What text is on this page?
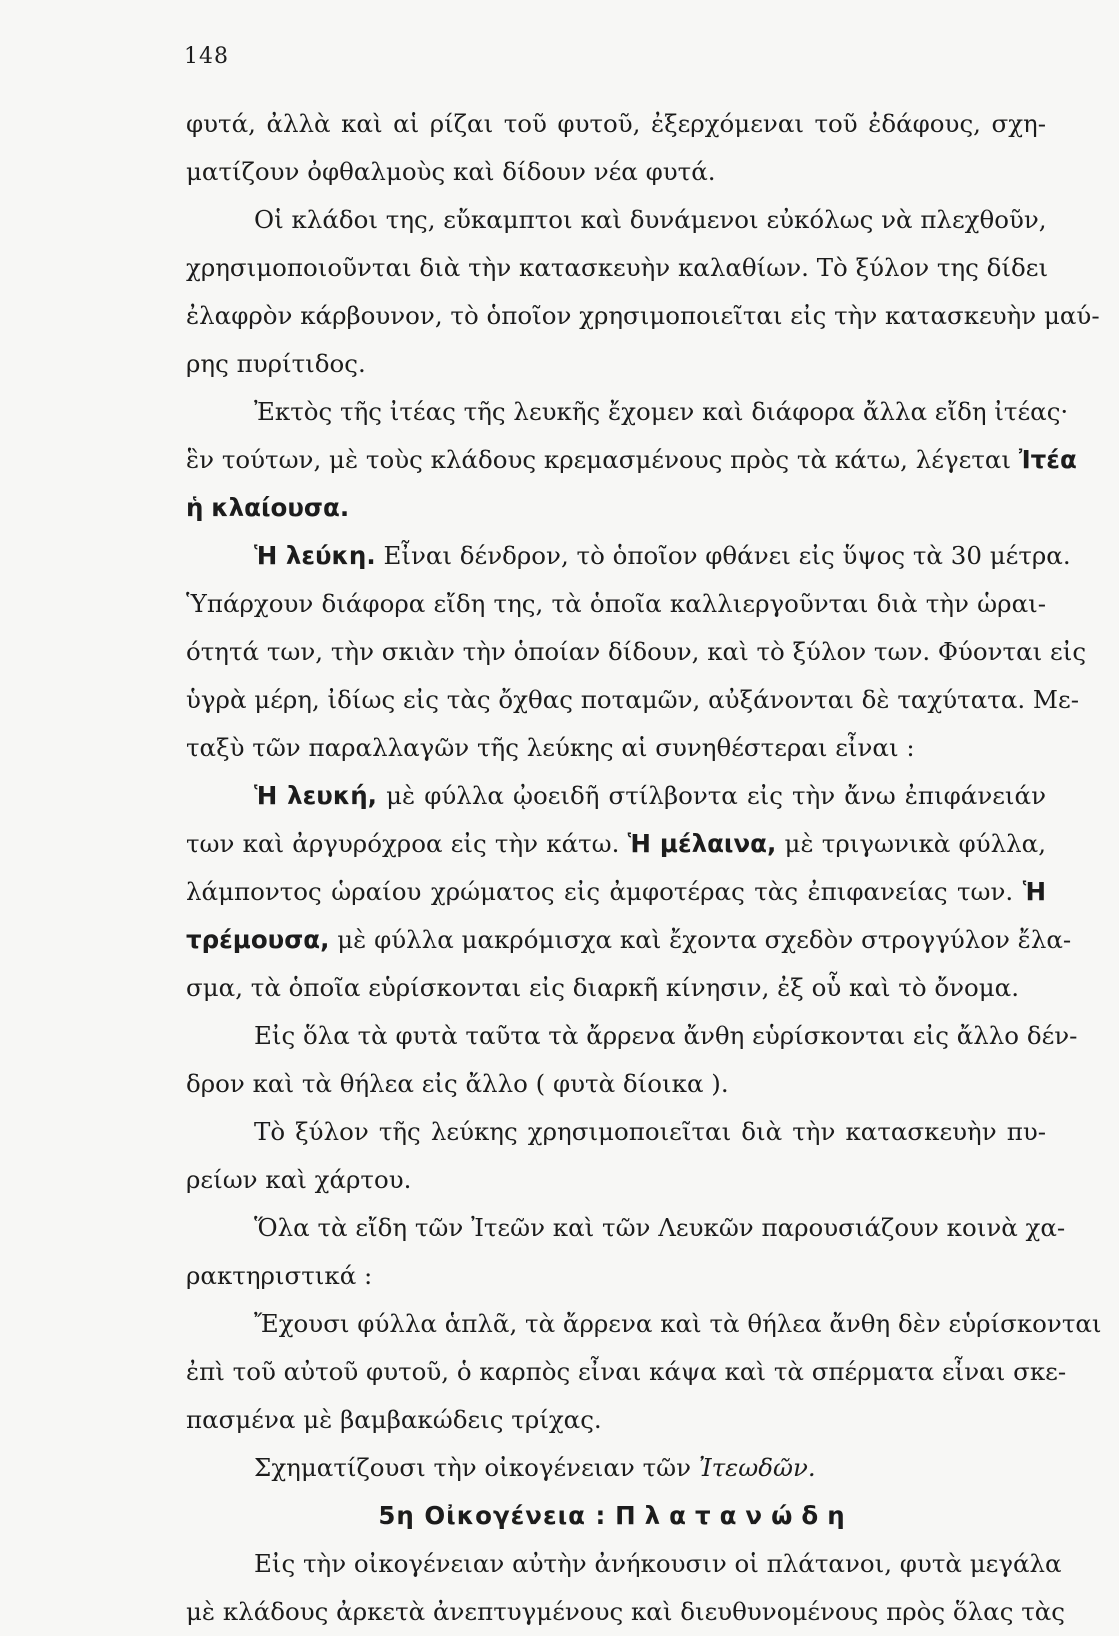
148
φυτά, ἀλλὰ καὶ αἱ ρίζαι τοῦ φυτοῦ, ἐξερχόμεναι τοῦ ἐδάφους, σχη-
ματίζουν ὀφθαλμοὺς καὶ δίδουν νέα φυτά.
Οἱ κλάδοι της, εὔκαμπτοι καὶ δυνάμενοι εὐκόλως νὰ πλεχθοῦν,
χρησιμοποιοῦνται διὰ τὴν κατασκευὴν καλαθίων. Τὸ ξύλον της δίδει
ἐλαφρὸν κάρβουνον, τὸ ὁποῖον χρησιμοποιεῖται εἰς τὴν κατασκευὴν μαύ-
ρης πυρίτιδος.
Ἐκτὸς τῆς ἰτέας τῆς λευκῆς ἔχομεν καὶ διάφορα ἄλλα εἴδη ἰτέας·
ἓν τούτων, μὲ τοὺς κλάδους κρεμασμένους πρὸς τὰ κάτω, λέγεται Ἰτέα
ἡ κλαίουσα.
Ἡ λεύκη. Εἶναι δένδρον, τὸ ὁποῖον φθάνει εἰς ὕψος τὰ 30 μέτρα.
Ὑπάρχουν διάφορα εἴδη της, τὰ ὁποῖα καλλιεργοῦνται διὰ τὴν ὡραι-
ότητά των, τὴν σκιὰν τὴν ὁποίαν δίδουν, καὶ τὸ ξύλον των. Φύονται εἰς
ὑγρὰ μέρη, ἰδίως εἰς τὰς ὄχθας ποταμῶν, αὐξάνονται δὲ ταχύτατα. Με-
ταξὺ τῶν παραλλαγῶν τῆς λεύκης αἱ συνηθέστεραι εἶναι :
Ἡ λευκή, μὲ φύλλα ᾠοειδῆ στίλβοντα εἰς τὴν ἄνω ἐπιφάνειάν
των καὶ ἀργυρόχροα εἰς τὴν κάτω. Ἡ μέλαινα, μὲ τριγωνικὰ φύλλα,
λάμποντος ὡραίου χρώματος εἰς ἀμφοτέρας τὰς ἐπιφανείας των. Ἡ
τρέμουσα, μὲ φύλλα μακρόμισχα καὶ ἔχοντα σχεδὸν στρογγύλον ἔλα-
σμα, τὰ ὁποῖα εὑρίσκονται εἰς διαρκῆ κίνησιν, ἐξ οὗ καὶ τὸ ὄνομα.
Εἰς ὅλα τὰ φυτὰ ταῦτα τὰ ἄρρενα ἄνθη εὑρίσκονται εἰς ἄλλο δέν-
δρον καὶ τὰ θήλεα εἰς ἄλλο ( φυτὰ δίοικα ).
Τὸ ξύλον τῆς λεύκης χρησιμοποιεῖται διὰ τὴν κατασκευὴν πυ-
ρείων καὶ χάρτου.
Ὅλα τὰ εἴδη τῶν Ἰτεῶν καὶ τῶν Λευκῶν παρουσιάζουν κοινὰ χα-
ρακτηριστικά :
Ἔχουσι φύλλα ἁπλᾶ, τὰ ἄρρενα καὶ τὰ θήλεα ἄνθη δὲν εὑρίσκονται
ἐπὶ τοῦ αὐτοῦ φυτοῦ, ὁ καρπὸς εἶναι κάψα καὶ τὰ σπέρματα εἶναι σκε-
πασμένα μὲ βαμβακώδεις τρίχας.
Σχηματίζουσι τὴν οἰκογένειαν τῶν Ἰτεωδῶν.
5η Οἰκογένεια : Πλατανώδη
Εἰς τὴν οἰκογένειαν αὐτὴν ἀνήκουσιν οἱ πλάτανοι, φυτὰ μεγάλα
μὲ κλάδους ἀρκετὰ ἀνεπτυγμένους καὶ διευθυνομένους πρὸς ὅλας τὰς
